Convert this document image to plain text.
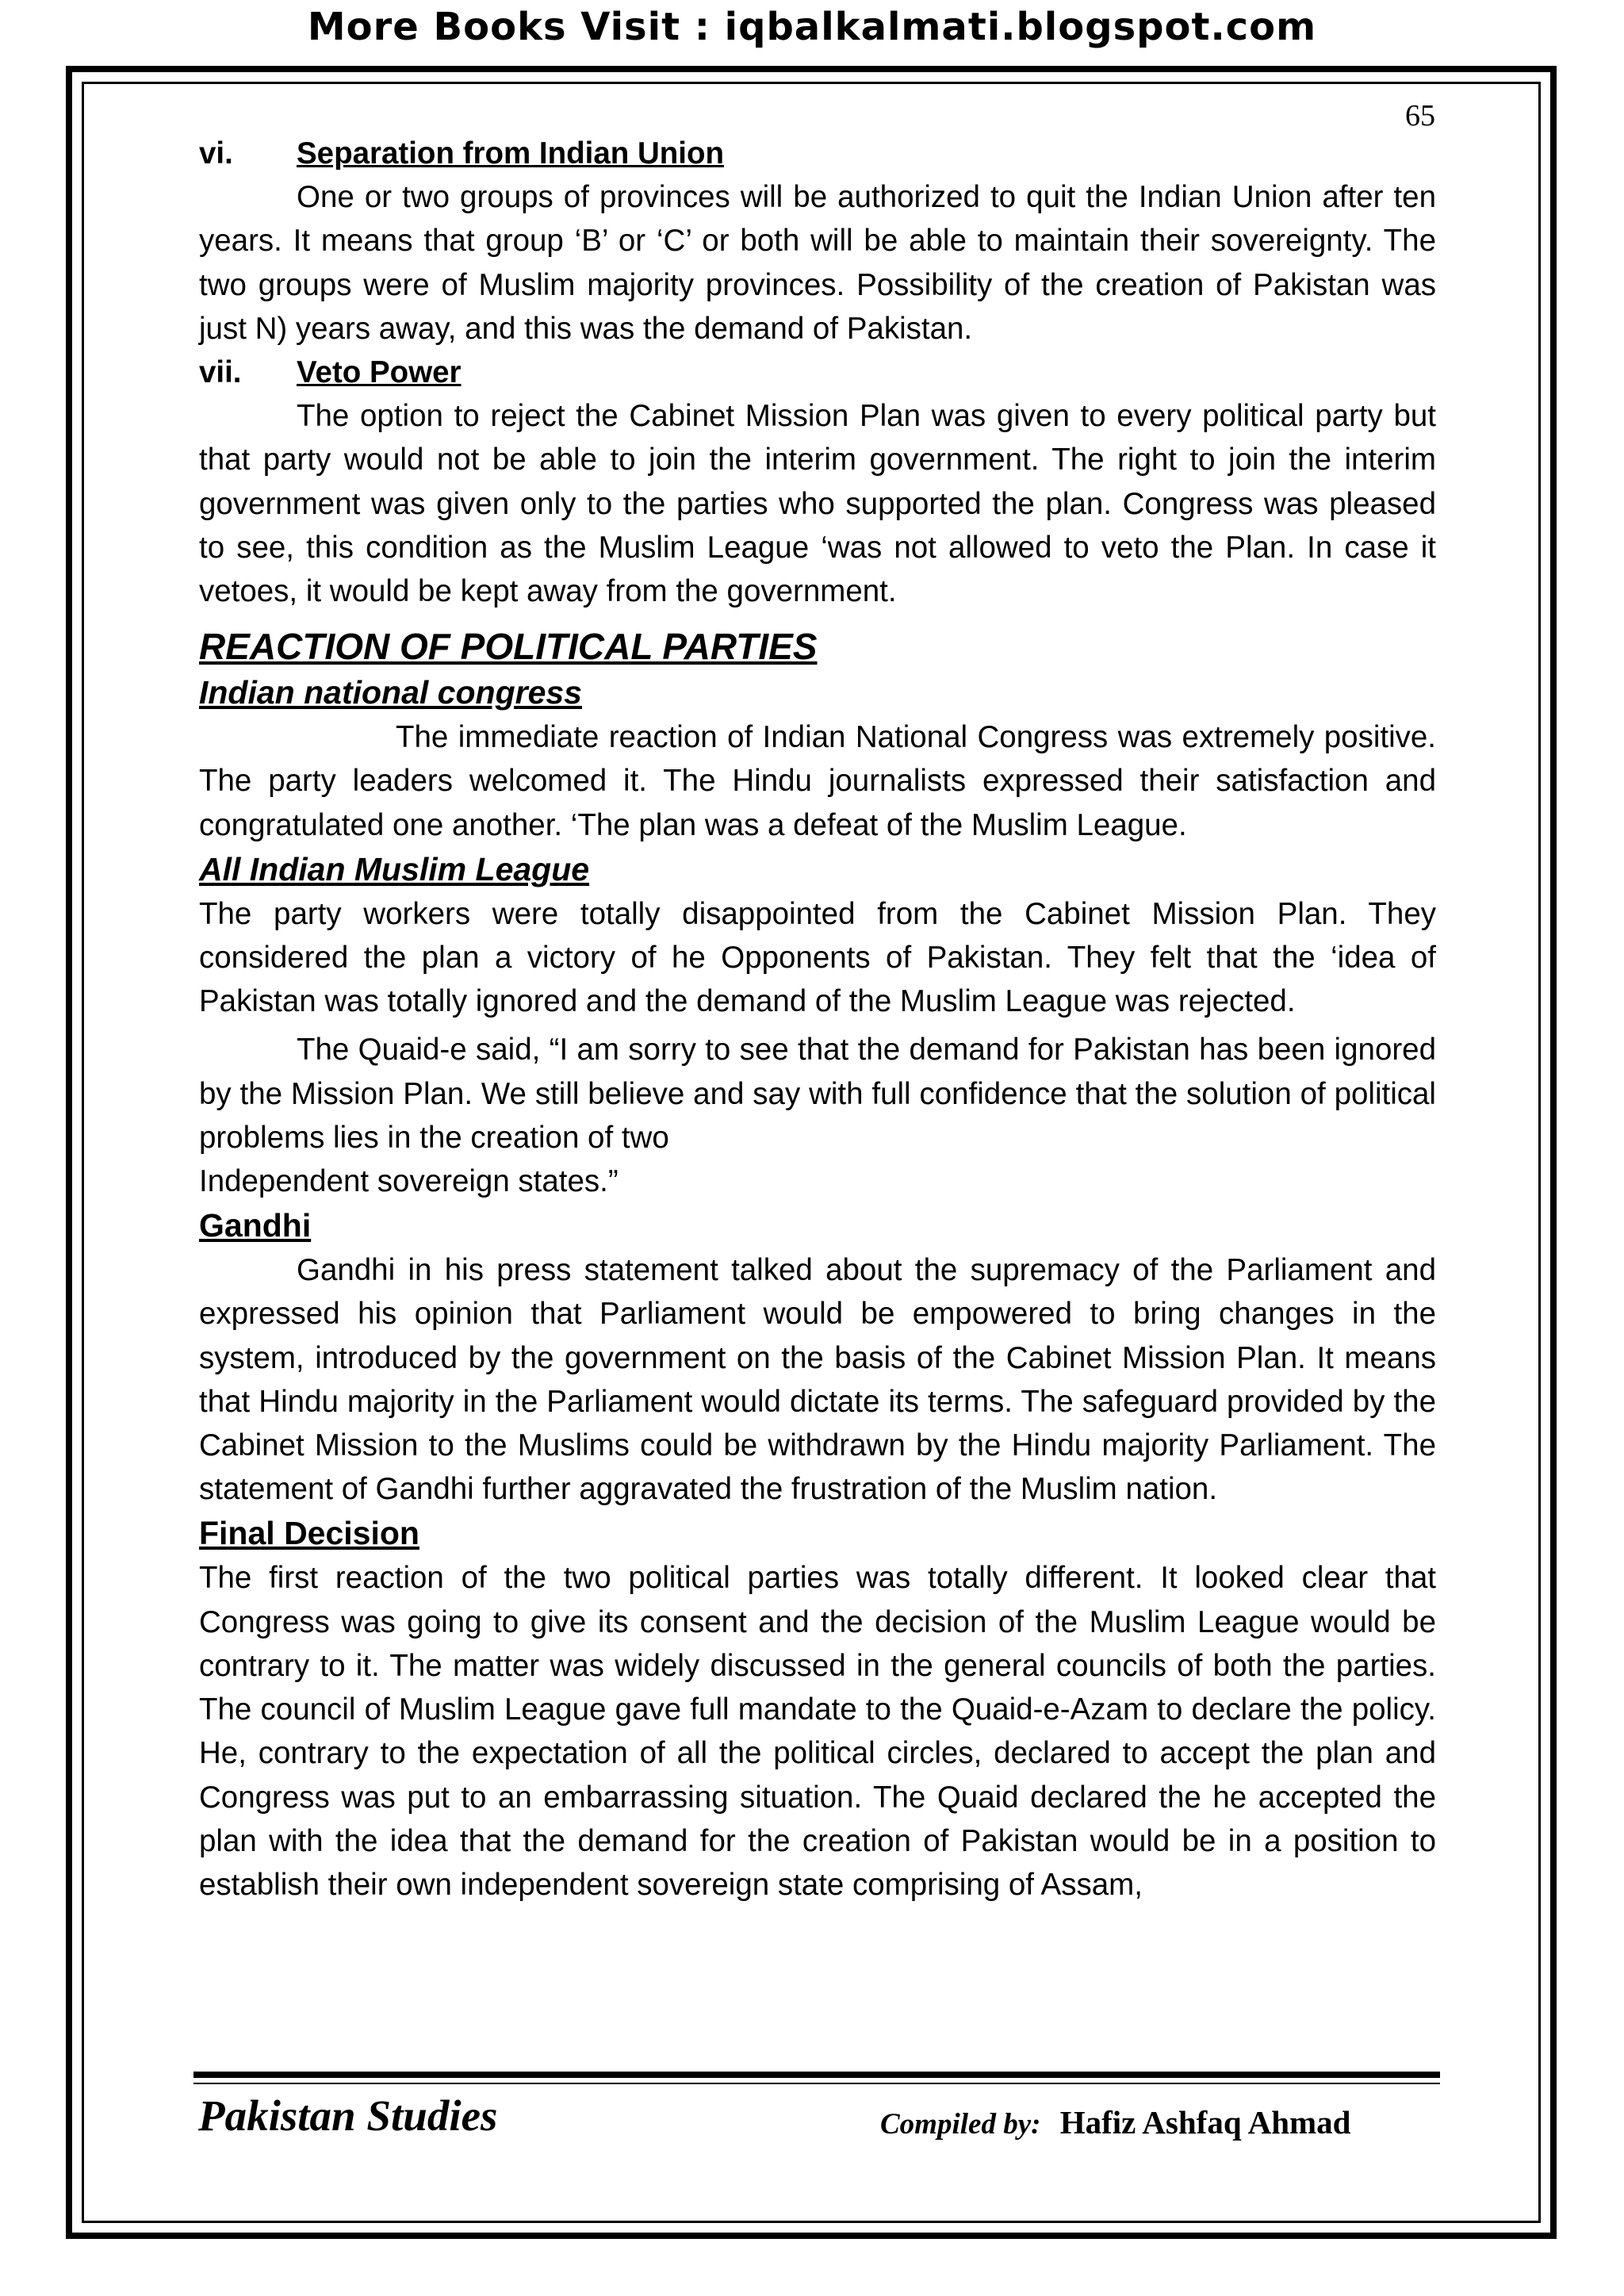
More Books Visit : iqbalkalmati.blogspot.com
65
vi.	Separation from Indian Union

One or two groups of provinces will be authorized to quit the Indian Union after ten years. It means that group ‘B’ or ‘C’ or both will be able to maintain their sovereignty. The two groups were of Muslim majority provinces. Possibility of the creation of Pakistan was just N) years away, and this was the demand of Pakistan.

vii.	Veto Power

The option to reject the Cabinet Mission Plan was given to every political party but that party would not be able to join the interim government. The right to join the interim government was given only to the parties who supported the plan. Congress was pleased to see, this condition as the Muslim League ‘was not allowed to veto the Plan. In case it vetoes, it would be kept away from the government.

REACTION OF POLITICAL PARTIES
Indian national congress

The immediate reaction of Indian National Congress was extremely positive. The party leaders welcomed it. The Hindu journalists expressed their satisfaction and congratulated one another. ‘The plan was a defeat of the Muslim League.

All Indian Muslim League

The party workers were totally disappointed from the Cabinet Mission Plan. They considered the plan a victory of he Opponents of Pakistan. They felt that the ‘idea of Pakistan was totally ignored and the demand of the Muslim League was rejected.

The Quaid-e said, “I am sorry to see that the demand for Pakistan has been ignored by the Mission Plan. We still believe and say with full confidence that the solution of political problems lies in the creation of two

Independent sovereign states.”

Gandhi

Gandhi in his press statement talked about the supremacy of the Parliament and expressed his opinion that Parliament would be empowered to bring changes in the system, introduced by the government on the basis of the Cabinet Mission Plan. It means that Hindu majority in the Parliament would dictate its terms. The safeguard provided by the Cabinet Mission to the Muslims could be withdrawn by the Hindu majority Parliament. The statement of Gandhi further aggravated the frustration of the Muslim nation.

Final Decision

The first reaction of the two political parties was totally different. It looked clear that Congress was going to give its consent and the decision of the Muslim League would be contrary to it. The matter was widely discussed in the general councils of both the parties. The council of Muslim League gave full mandate to the Quaid-e-Azam to declare the policy. He, contrary to the expectation of all the political circles, declared to accept the plan and Congress was put to an embarrassing situation. The Quaid declared the he accepted the plan with the idea that the demand for the creation of Pakistan would be in a position to establish their own independent sovereign state comprising of Assam,

Pakistan Studies	Compiled by: Hafiz Ashfaq Ahmad
